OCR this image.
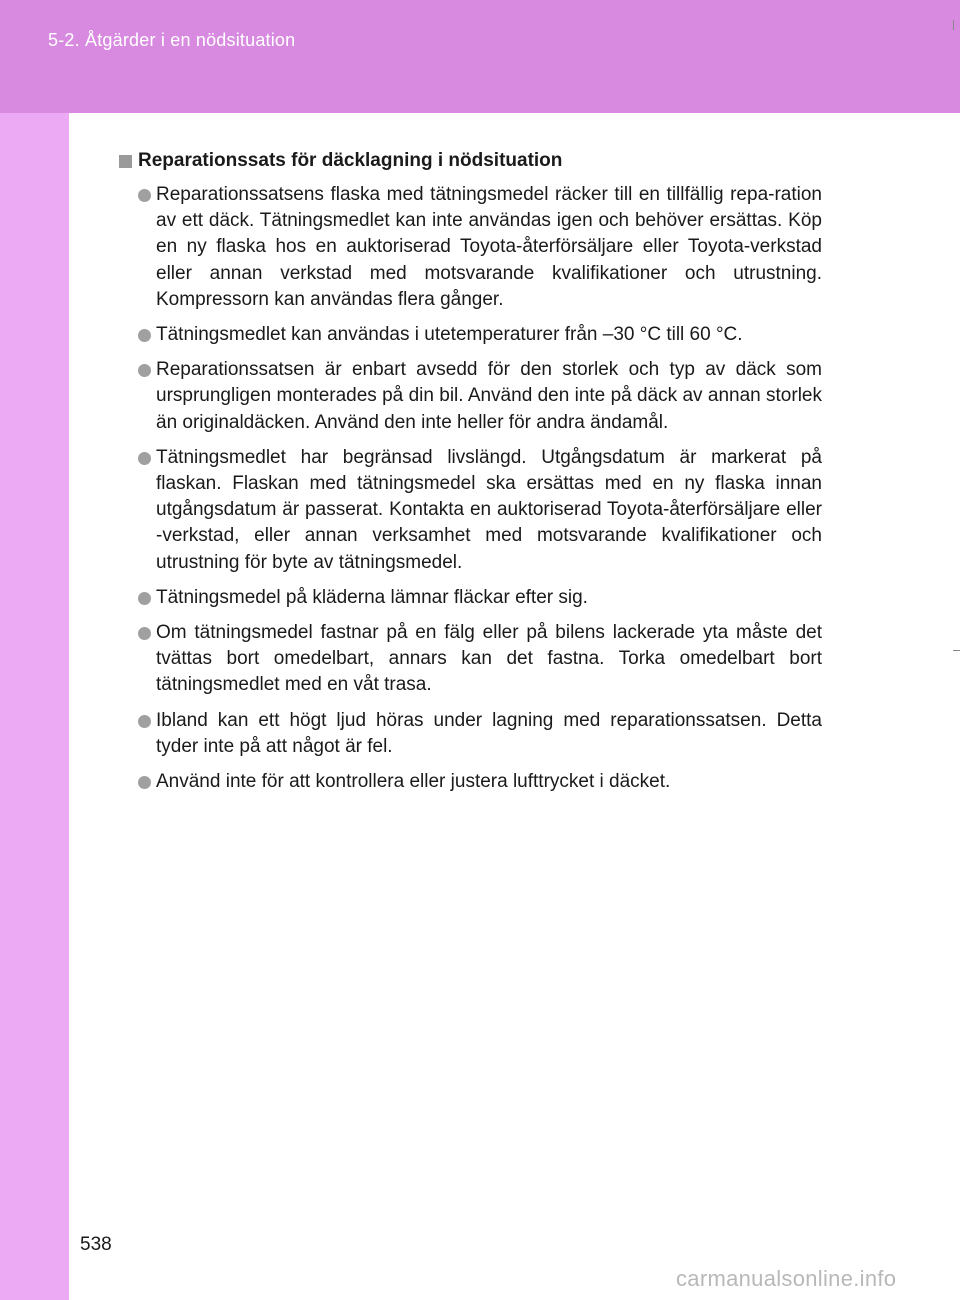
5-2. Åtgärder i en nödsituation
Reparationssats för däcklagning i nödsituation
Reparationssatsens flaska med tätningsmedel räcker till en tillfällig repa-ration av ett däck. Tätningsmedlet kan inte användas igen och behöver ersättas. Köp en ny flaska hos en auktoriserad Toyota-återförsäljare eller Toyota-verkstad eller annan verkstad med motsvarande kvalifikationer och utrustning. Kompressorn kan användas flera gånger.
Tätningsmedlet kan användas i utetemperaturer från –30 °C till 60 °C.
Reparationssatsen är enbart avsedd för den storlek och typ av däck som ursprungligen monterades på din bil. Använd den inte på däck av annan storlek än originaldäcken. Använd den inte heller för andra ändamål.
Tätningsmedlet har begränsad livslängd. Utgångsdatum är markerat på flaskan. Flaskan med tätningsmedel ska ersättas med en ny flaska innan utgångsdatum är passerat. Kontakta en auktoriserad Toyota-återförsäljare eller -verkstad, eller annan verksamhet med motsvarande kvalifikationer och utrustning för byte av tätningsmedel.
Tätningsmedel på kläderna lämnar fläckar efter sig.
Om tätningsmedel fastnar på en fälg eller på bilens lackerade yta måste det tvättas bort omedelbart, annars kan det fastna. Torka omedelbart bort tätningsmedlet med en våt trasa.
Ibland kan ett högt ljud höras under lagning med reparationssatsen. Detta tyder inte på att något är fel.
Använd inte för att kontrollera eller justera lufttrycket i däcket.
538
carmanualsonline.info
